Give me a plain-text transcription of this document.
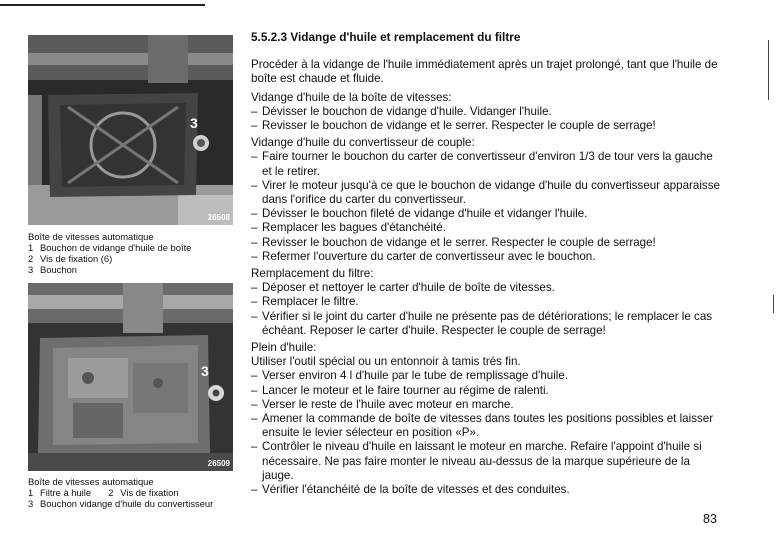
3
26508
Boîte de vitesses automatique
1 Bouchon de vidange d'huile de boîte
2 Vis de fixation (6)
3 Bouchon
3
26509
Boîte de vitesses automatique
1 Filtre à huile 2 Vis de fixation
3 Bouchon vidange d'huile du convertisseur
5.5.2.3 Vidange d'huile et remplacement du filtre

Procéder à la vidange de l'huile immédiatement après un trajet prolongé, tant que l'huile de boîte est chaude et fluide.

Vidange d'huile de la boîte de vitesses:

– Dévisser le bouchon de vidange d'huile. Vidanger l'huile.
– Revisser le bouchon de vidange et le serrer. Respecter le couple de serrage!

Vidange d'huile du convertisseur de couple:

– Faire tourner le bouchon du carter de convertisseur d'environ 1/3 de tour vers la gauche et le retirer.
– Virer le moteur jusqu'à ce que le bouchon de vidange d'huile du convertisseur apparaisse dans l'orifice du carter du convertisseur.
– Dévisser le bouchon fileté de vidange d'huile et vidanger l'huile.
– Remplacer les bagues d'étanchéité.
– Revisser le bouchon de vidange et le serrer. Respecter le couple de serrage!
– Refermer l'ouverture du carter de convertisseur avec le bouchon.

Remplacement du filtre:

– Déposer et nettoyer le carter d'huile de boîte de vitesses.
– Remplacer le filtre.
– Vérifier si le joint du carter d'huile ne présente pas de détériorations; le remplacer le cas échéant. Reposer le carter d'huile. Respecter le couple de serrage!

Plein d'huile:

Utiliser l'outil spécial ou un entonnoir à tamis très fin.

– Verser environ 4 l d'huile par le tube de remplissage d'huile.
– Lancer le moteur et le faire tourner au régime de ralenti.
– Verser le reste de l'huile avec moteur en marche.
– Amener la commande de boîte de vitesses dans toutes les positions possibles et laisser ensuite le levier sélecteur en position «P».
– Contrôler le niveau d'huile en laissant le moteur en marche. Refaire l'appoint d'huile si nécessaire. Ne pas faire monter le niveau au-dessus de la marque supérieure de la jauge.
– Vérifier l'étanchéité de la boîte de vitesses et des conduites.
83
